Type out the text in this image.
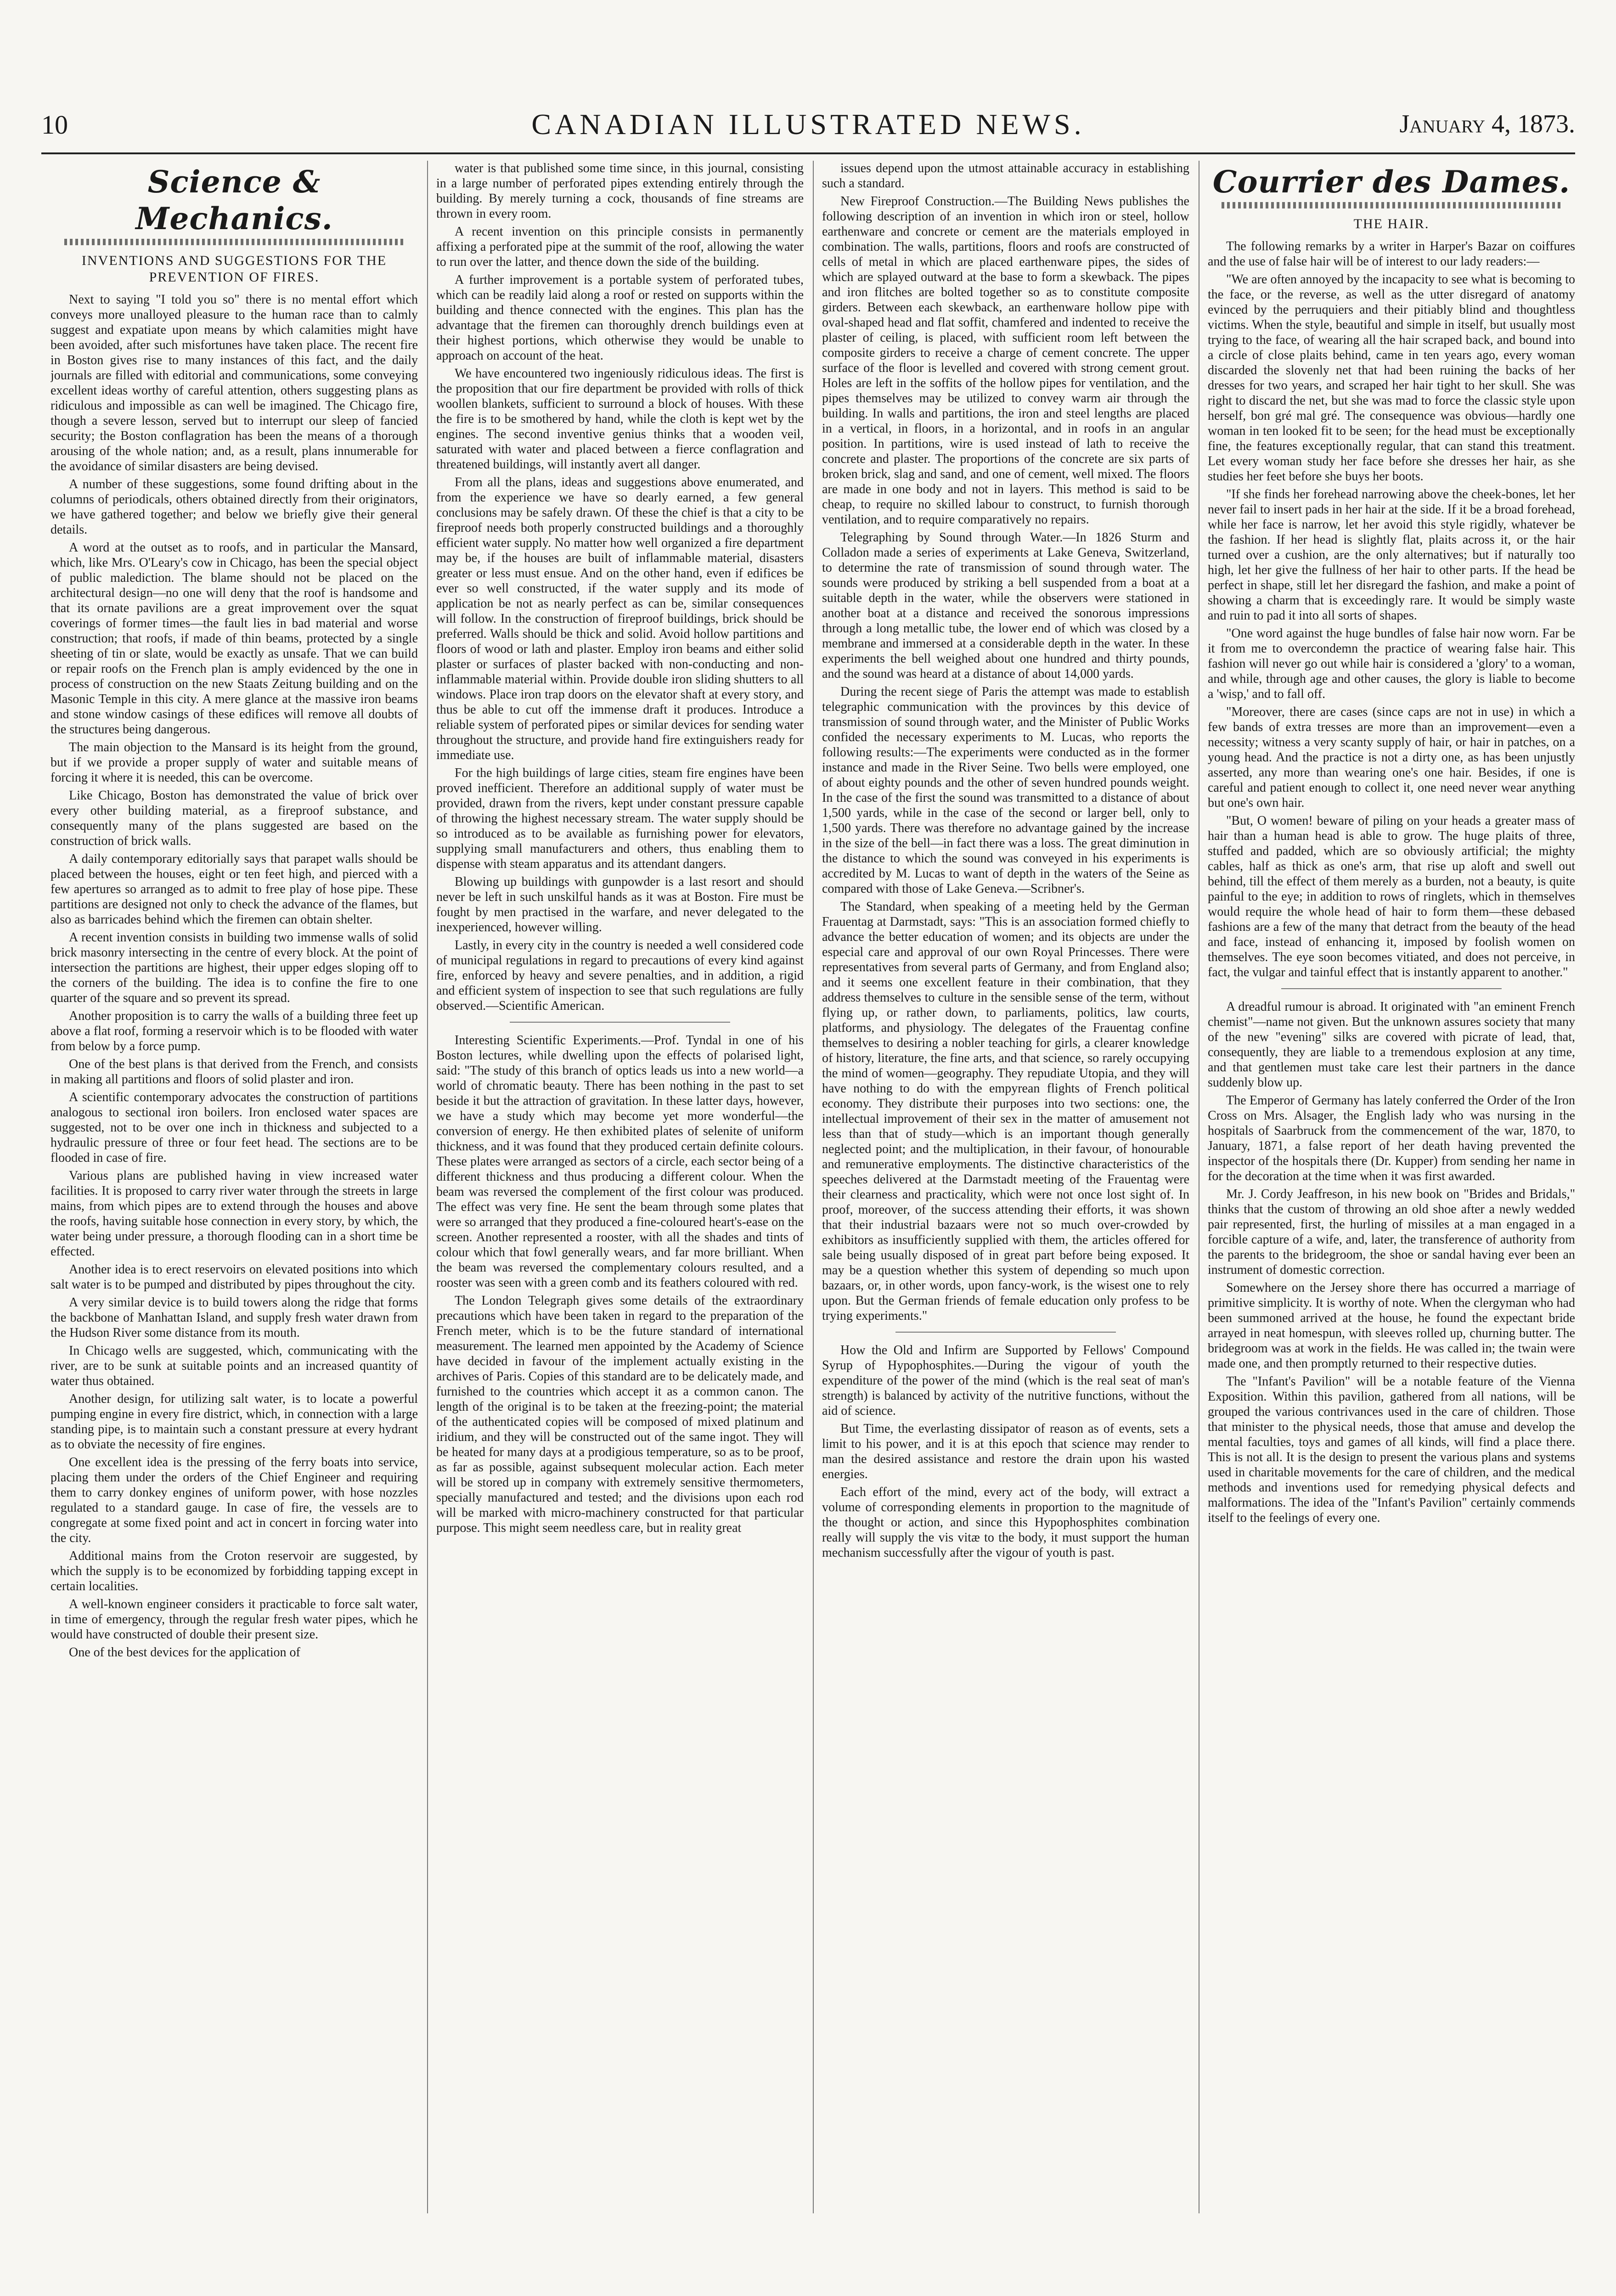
10	CANADIAN ILLUSTRATED NEWS.	January 4, 1873.
Science & Mechanics.
INVENTIONS AND SUGGESTIONS FOR THE PREVENTION OF FIRES.

Next to saying "I told you so" there is no mental effort which conveys more unalloyed pleasure to the human race than to calmly suggest and expatiate upon means by which calamities might have been avoided, after such misfortunes have taken place. The recent fire in Boston gives rise to many instances of this fact, and the daily journals are filled with editorial and communications, some conveying excellent ideas worthy of careful attention, others suggesting plans as ridiculous and impossible as can well be imagined. The Chicago fire, though a severe lesson, served but to interrupt our sleep of fancied security; the Boston conflagration has been the means of a thorough arousing of the whole nation; and, as a result, plans innumerable for the avoidance of similar disasters are being devised.

A number of these suggestions, some found drifting about in the columns of periodicals, others obtained directly from their originators, we have gathered together; and below we briefly give their general details.

A word at the outset as to roofs, and in particular the Mansard, which, like Mrs. O'Leary's cow in Chicago, has been the special object of public malediction. The blame should not be placed on the architectural design—no one will deny that the roof is handsome and that its ornate pavilions are a great improvement over the squat coverings of former times—the fault lies in bad material and worse construction; that roofs, if made of thin beams, protected by a single sheeting of tin or slate, would be exactly as unsafe. That we can build or repair roofs on the French plan is amply evidenced by the one in process of construction on the new Staats Zeitung building and on the Masonic Temple in this city. A mere glance at the massive iron beams and stone window casings of these edifices will remove all doubts of the structures being dangerous.

The main objection to the Mansard is its height from the ground, but if we provide a proper supply of water and suitable means of forcing it where it is needed, this can be overcome.

Like Chicago, Boston has demonstrated the value of brick over every other building material, as a fireproof substance, and consequently many of the plans suggested are based on the construction of brick walls.

A daily contemporary editorially says that parapet walls should be placed between the houses, eight or ten feet high, and pierced with a few apertures so arranged as to admit to free play of hose pipe. These partitions are designed not only to check the advance of the flames, but also as barricades behind which the firemen can obtain shelter.

A recent invention consists in building two immense walls of solid brick masonry intersecting in the centre of every block. At the point of intersection the partitions are highest, their upper edges sloping off to the corners of the building. The idea is to confine the fire to one quarter of the square and so prevent its spread.

Another proposition is to carry the walls of a building three feet up above a flat roof, forming a reservoir which is to be flooded with water from below by a force pump.

One of the best plans is that derived from the French, and consists in making all partitions and floors of solid plaster and iron.

A scientific contemporary advocates the construction of partitions analogous to sectional iron boilers. Iron enclosed water spaces are suggested, not to be over one inch in thickness and subjected to a hydraulic pressure of three or four feet head. The sections are to be flooded in case of fire.

Various plans are published having in view increased water facilities. It is proposed to carry river water through the streets in large mains, from which pipes are to extend through the houses and above the roofs, having suitable hose connection in every story, by which, the water being under pressure, a thorough flooding can in a short time be effected.

Another idea is to erect reservoirs on elevated positions into which salt water is to be pumped and distributed by pipes throughout the city.

A very similar device is to build towers along the ridge that forms the backbone of Manhattan Island, and supply fresh water drawn from the Hudson River some distance from its mouth.

In Chicago wells are suggested, which, communicating with the river, are to be sunk at suitable points and an increased quantity of water thus obtained.

Another design, for utilizing salt water, is to locate a powerful pumping engine in every fire district, which, in connection with a large standing pipe, is to maintain such a constant pressure at every hydrant as to obviate the necessity of fire engines.

One excellent idea is the pressing of the ferry boats into service, placing them under the orders of the Chief Engineer and requiring them to carry donkey engines of uniform power, with hose nozzles regulated to a standard gauge. In case of fire, the vessels are to congregate at some fixed point and act in concert in forcing water into the city.

Additional mains from the Croton reservoir are suggested, by which the supply is to be economized by forbidding tapping except in certain localities.

A well-known engineer considers it practicable to force salt water, in time of emergency, through the regular fresh water pipes, which he would have constructed of double their present size.

One of the best devices for the application of

water is that published some time since, in this journal, consisting in a large number of perforated pipes extending entirely through the building. By merely turning a cock, thousands of fine streams are thrown in every room.

A recent invention on this principle consists in permanently affixing a perforated pipe at the summit of the roof, allowing the water to run over the latter, and thence down the side of the building.

A further improvement is a portable system of perforated tubes, which can be readily laid along a roof or rested on supports within the building and thence connected with the engines. This plan has the advantage that the firemen can thoroughly drench buildings even at their highest portions, which otherwise they would be unable to approach on account of the heat.

We have encountered two ingeniously ridiculous ideas. The first is the proposition that our fire department be provided with rolls of thick woollen blankets, sufficient to surround a block of houses. With these the fire is to be smothered by hand, while the cloth is kept wet by the engines. The second inventive genius thinks that a wooden veil, saturated with water and placed between a fierce conflagration and threatened buildings, will instantly avert all danger.

From all the plans, ideas and suggestions above enumerated, and from the experience we have so dearly earned, a few general conclusions may be safely drawn. Of these the chief is that a city to be fireproof needs both properly constructed buildings and a thoroughly efficient water supply. No matter how well organized a fire department may be, if the houses are built of inflammable material, disasters greater or less must ensue. And on the other hand, even if edifices be ever so well constructed, if the water supply and its mode of application be not as nearly perfect as can be, similar consequences will follow. In the construction of fireproof buildings, brick should be preferred. Walls should be thick and solid. Avoid hollow partitions and floors of wood or lath and plaster. Employ iron beams and either solid plaster or surfaces of plaster backed with non-conducting and non-inflammable material within. Provide double iron sliding shutters to all windows. Place iron trap doors on the elevator shaft at every story, and thus be able to cut off the immense draft it produces. Introduce a reliable system of perforated pipes or similar devices for sending water throughout the structure, and provide hand fire extinguishers ready for immediate use.

For the high buildings of large cities, steam fire engines have been proved inefficient. Therefore an additional supply of water must be provided, drawn from the rivers, kept under constant pressure capable of throwing the highest necessary stream. The water supply should be so introduced as to be available as furnishing power for elevators, supplying small manufacturers and others, thus enabling them to dispense with steam apparatus and its attendant dangers.

Blowing up buildings with gunpowder is a last resort and should never be left in such unskilful hands as it was at Boston. Fire must be fought by men practised in the warfare, and never delegated to the inexperienced, however willing.

Lastly, in every city in the country is needed a well considered code of municipal regulations in regard to precautions of every kind against fire, enforced by heavy and severe penalties, and in addition, a rigid and efficient system of inspection to see that such regulations are fully observed.—Scientific American.

Interesting Scientific Experiments.—Prof. Tyndal in one of his Boston lectures, while dwelling upon the effects of polarised light, said: "The study of this branch of optics leads us into a new world—a world of chromatic beauty. There has been nothing in the past to set beside it but the attraction of gravitation. In these latter days, however, we have a study which may become yet more wonderful—the conversion of energy. He then exhibited plates of selenite of uniform thickness, and it was found that they produced certain definite colours. These plates were arranged as sectors of a circle, each sector being of a different thickness and thus producing a different colour. When the beam was reversed the complement of the first colour was produced. The effect was very fine. He sent the beam through some plates that were so arranged that they produced a fine-coloured heart's-ease on the screen. Another represented a rooster, with all the shades and tints of colour which that fowl generally wears, and far more brilliant. When the beam was reversed the complementary colours resulted, and a rooster was seen with a green comb and its feathers coloured with red.

The London Telegraph gives some details of the extraordinary precautions which have been taken in regard to the preparation of the French meter, which is to be the future standard of international measurement. The learned men appointed by the Academy of Science have decided in favour of the implement actually existing in the archives of Paris. Copies of this standard are to be delicately made, and furnished to the countries which accept it as a common canon. The length of the original is to be taken at the freezing-point; the material of the authenticated copies will be composed of mixed platinum and iridium, and they will be constructed out of the same ingot. They will be heated for many days at a prodigious temperature, so as to be proof, as far as possible, against subsequent molecular action. Each meter will be stored up in company with extremely sensitive thermometers, specially manufactured and tested; and the divisions upon each rod will be marked with micro-machinery constructed for that particular purpose. This might seem needless care, but in reality great

issues depend upon the utmost attainable accuracy in establishing such a standard.

New Fireproof Construction.—The Building News publishes the following description of an invention in which iron or steel, hollow earthenware and concrete or cement are the materials employed in combination. The walls, partitions, floors and roofs are constructed of cells of metal in which are placed earthenware pipes, the sides of which are splayed outward at the base to form a skewback. The pipes and iron flitches are bolted together so as to constitute composite girders. Between each skewback, an earthenware hollow pipe with oval-shaped head and flat soffit, chamfered and indented to receive the plaster of ceiling, is placed, with sufficient room left between the composite girders to receive a charge of cement concrete. The upper surface of the floor is levelled and covered with strong cement grout. Holes are left in the soffits of the hollow pipes for ventilation, and the pipes themselves may be utilized to convey warm air through the building. In walls and partitions, the iron and steel lengths are placed in a vertical, in floors, in a horizontal, and in roofs in an angular position. In partitions, wire is used instead of lath to receive the concrete and plaster. The proportions of the concrete are six parts of broken brick, slag and sand, and one of cement, well mixed. The floors are made in one body and not in layers. This method is said to be cheap, to require no skilled labour to construct, to furnish thorough ventilation, and to require comparatively no repairs.

Telegraphing by Sound through Water.—In 1826 Sturm and Colladon made a series of experiments at Lake Geneva, Switzerland, to determine the rate of transmission of sound through water. The sounds were produced by striking a bell suspended from a boat at a suitable depth in the water, while the observers were stationed in another boat at a distance and received the sonorous impressions through a long metallic tube, the lower end of which was closed by a membrane and immersed at a considerable depth in the water. In these experiments the bell weighed about one hundred and thirty pounds, and the sound was heard at a distance of about 14,000 yards.

During the recent siege of Paris the attempt was made to establish telegraphic communication with the provinces by this device of transmission of sound through water, and the Minister of Public Works confided the necessary experiments to M. Lucas, who reports the following results:—The experiments were conducted as in the former instance and made in the River Seine. Two bells were employed, one of about eighty pounds and the other of seven hundred pounds weight. In the case of the first the sound was transmitted to a distance of about 1,500 yards, while in the case of the second or larger bell, only to 1,500 yards. There was therefore no advantage gained by the increase in the size of the bell—in fact there was a loss. The great diminution in the distance to which the sound was conveyed in his experiments is accredited by M. Lucas to want of depth in the waters of the Seine as compared with those of Lake Geneva.—Scribner's.

The Standard, when speaking of a meeting held by the German Frauentag at Darmstadt, says: "This is an association formed chiefly to advance the better education of women; and its objects are under the especial care and approval of our own Royal Princesses. There were representatives from several parts of Germany, and from England also; and it seems one excellent feature in their combination, that they address themselves to culture in the sensible sense of the term, without flying up, or rather down, to parliaments, politics, law courts, platforms, and physiology. The delegates of the Frauentag confine themselves to desiring a nobler teaching for girls, a clearer knowledge of history, literature, the fine arts, and that science, so rarely occupying the mind of women—geography. They repudiate Utopia, and they will have nothing to do with the empyrean flights of French political economy. They distribute their purposes into two sections: one, the intellectual improvement of their sex in the matter of amusement not less than that of study—which is an important though generally neglected point; and the multiplication, in their favour, of honourable and remunerative employments. The distinctive characteristics of the speeches delivered at the Darmstadt meeting of the Frauentag were their clearness and practicality, which were not once lost sight of. In proof, moreover, of the success attending their efforts, it was shown that their industrial bazaars were not so much over-crowded by exhibitors as insufficiently supplied with them, the articles offered for sale being usually disposed of in great part before being exposed. It may be a question whether this system of depending so much upon bazaars, or, in other words, upon fancy-work, is the wisest one to rely upon. But the German friends of female education only profess to be trying experiments."

How the Old and Infirm are Supported by Fellows' Compound Syrup of Hypophosphites.—During the vigour of youth the expenditure of the power of the mind (which is the real seat of man's strength) is balanced by activity of the nutritive functions, without the aid of science.

But Time, the everlasting dissipator of reason as of events, sets a limit to his power, and it is at this epoch that science may render to man the desired assistance and restore the drain upon his wasted energies.

Each effort of the mind, every act of the body, will extract a volume of corresponding elements in proportion to the magnitude of the thought or action, and since this Hypophosphites combination really will supply the vis vitæ to the body, it must support the human mechanism successfully after the vigour of youth is past.

Courrier des Dames.
THE HAIR.

The following remarks by a writer in Harper's Bazar on coiffures and the use of false hair will be of interest to our lady readers:—

"We are often annoyed by the incapacity to see what is becoming to the face, or the reverse, as well as the utter disregard of anatomy evinced by the perruquiers and their pitiably blind and thoughtless victims. When the style, beautiful and simple in itself, but usually most trying to the face, of wearing all the hair scraped back, and bound into a circle of close plaits behind, came in ten years ago, every woman discarded the slovenly net that had been ruining the backs of her dresses for two years, and scraped her hair tight to her skull. She was right to discard the net, but she was mad to force the classic style upon herself, bon gré mal gré. The consequence was obvious—hardly one woman in ten looked fit to be seen; for the head must be exceptionally fine, the features exceptionally regular, that can stand this treatment. Let every woman study her face before she dresses her hair, as she studies her feet before she buys her boots.

"If she finds her forehead narrowing above the cheek-bones, let her never fail to insert pads in her hair at the side. If it be a broad forehead, while her face is narrow, let her avoid this style rigidly, whatever be the fashion. If her head is slightly flat, plaits across it, or the hair turned over a cushion, are the only alternatives; but if naturally too high, let her give the fullness of her hair to other parts. If the head be perfect in shape, still let her disregard the fashion, and make a point of showing a charm that is exceedingly rare. It would be simply waste and ruin to pad it into all sorts of shapes.

"One word against the huge bundles of false hair now worn. Far be it from me to overcondemn the practice of wearing false hair. This fashion will never go out while hair is considered a 'glory' to a woman, and while, through age and other causes, the glory is liable to become a 'wisp,' and to fall off.

"Moreover, there are cases (since caps are not in use) in which a few bands of extra tresses are more than an improvement—even a necessity; witness a very scanty supply of hair, or hair in patches, on a young head. And the practice is not a dirty one, as has been unjustly asserted, any more than wearing one's one hair. Besides, if one is careful and patient enough to collect it, one need never wear anything but one's own hair.

"But, O women! beware of piling on your heads a greater mass of hair than a human head is able to grow. The huge plaits of three, stuffed and padded, which are so obviously artificial; the mighty cables, half as thick as one's arm, that rise up aloft and swell out behind, till the effect of them merely as a burden, not a beauty, is quite painful to the eye; in addition to rows of ringlets, which in themselves would require the whole head of hair to form them—these debased fashions are a few of the many that detract from the beauty of the head and face, instead of enhancing it, imposed by foolish women on themselves. The eye soon becomes vitiated, and does not perceive, in fact, the vulgar and tainful effect that is instantly apparent to another."

A dreadful rumour is abroad. It originated with "an eminent French chemist"—name not given. But the unknown assures society that many of the new "evening" silks are covered with picrate of lead, that, consequently, they are liable to a tremendous explosion at any time, and that gentlemen must take care lest their partners in the dance suddenly blow up.

The Emperor of Germany has lately conferred the Order of the Iron Cross on Mrs. Alsager, the English lady who was nursing in the hospitals of Saarbruck from the commencement of the war, 1870, to January, 1871, a false report of her death having prevented the inspector of the hospitals there (Dr. Kupper) from sending her name in for the decoration at the time when it was first awarded.

Mr. J. Cordy Jeaffreson, in his new book on "Brides and Bridals," thinks that the custom of throwing an old shoe after a newly wedded pair represented, first, the hurling of missiles at a man engaged in a forcible capture of a wife, and, later, the transference of authority from the parents to the bridegroom, the shoe or sandal having ever been an instrument of domestic correction.

Somewhere on the Jersey shore there has occurred a marriage of primitive simplicity. It is worthy of note. When the clergyman who had been summoned arrived at the house, he found the expectant bride arrayed in neat homespun, with sleeves rolled up, churning butter. The bridegroom was at work in the fields. He was called in; the twain were made one, and then promptly returned to their respective duties.

The "Infant's Pavilion" will be a notable feature of the Vienna Exposition. Within this pavilion, gathered from all nations, will be grouped the various contrivances used in the care of children. Those that minister to the physical needs, those that amuse and develop the mental faculties, toys and games of all kinds, will find a place there. This is not all. It is the design to present the various plans and systems used in charitable movements for the care of children, and the medical methods and inventions used for remedying physical defects and malformations. The idea of the "Infant's Pavilion" certainly commends itself to the feelings of every one.
